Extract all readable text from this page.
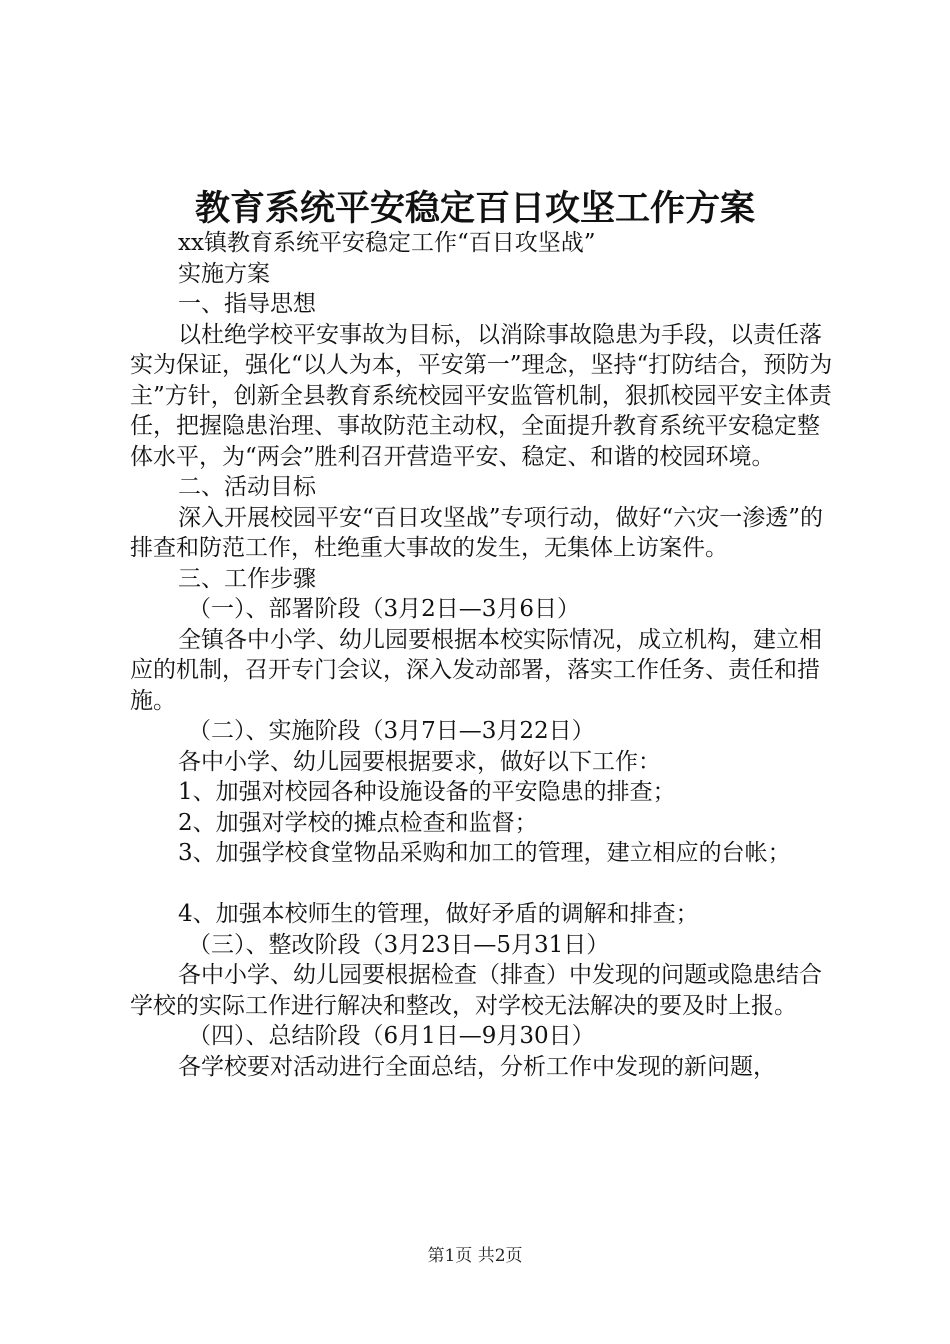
教育系统平安稳定百日攻坚工作方案

xx镇教育系统平安稳定工作“百日攻坚战”

实施方案

一、指导思想

以杜绝学校平安事故为目标，以消除事故隐患为手段，以责任落实为保证，强化“以人为本，平安第一”理念，坚持“打防结合，预防为主”方针，创新全县教育系统校园平安监管机制，狠抓校园平安主体责任，把握隐患治理、事故防范主动权，全面提升教育系统平安稳定整体水平，为“两会”胜利召开营造平安、稳定、和谐的校园环境。

二、活动目标

深入开展校园平安“百日攻坚战”专项行动，做好“六灾一渗透”的排查和防范工作，杜绝重大事故的发生，无集体上访案件。

三、工作步骤

（一）、部署阶段（3月2日—3月6日）

全镇各中小学、幼儿园要根据本校实际情况，成立机构，建立相应的机制，召开专门会议，深入发动部署，落实工作任务、责任和措施。

（二）、实施阶段（3月7日—3月22日）

各中小学、幼儿园要根据要求，做好以下工作：

1、加强对校园各种设施设备的平安隐患的排查；

2、加强对学校的摊点检查和监督；

3、加强学校食堂物品采购和加工的管理，建立相应的台帐；

4、加强本校师生的管理，做好矛盾的调解和排查；

（三）、整改阶段（3月23日—5月31日）

各中小学、幼儿园要根据检查（排查）中发现的问题或隐患结合学校的实际工作进行解决和整改，对学校无法解决的要及时上报。

（四）、总结阶段（6月1日—9月30日）

各学校要对活动进行全面总结，分析工作中发现的新问题，

第1页 共2页
